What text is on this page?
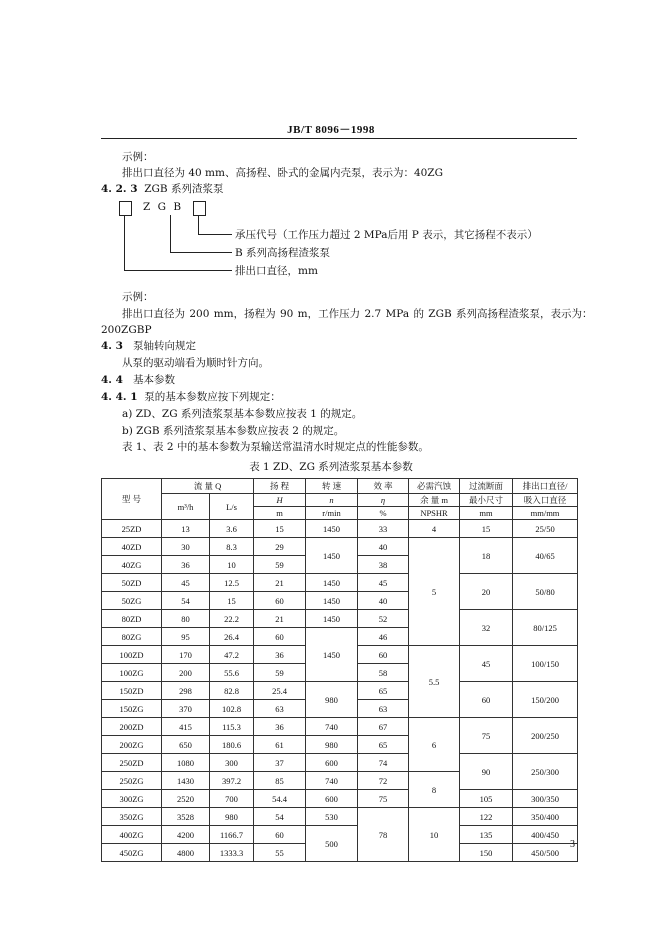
JB/T 8096－1998
示例：
排出口直径为 40 mm、高扬程、卧式的金属内壳泵，表示为：40ZG
4. 2. 3 ZGB 系列渣浆泵
Z G B
承压代号（工作压力超过 2 MPa后用 P 表示，其它扬程不表示）
B 系列高扬程渣浆泵
排出口直径，mm
示例：
排出口直径为 200 mm，扬程为 90 m，工作压力 2.7 MPa 的 ZGB 系列高扬程渣浆泵，表示为：
200ZGBP
4. 3 泵轴转向规定
从泵的驱动端看为顺时针方向。
4. 4 基本参数
4. 4. 1 泵的基本参数应按下列规定：
a) ZD、ZG 系列渣浆泵基本参数应按表 1 的规定。
b) ZGB 系列渣浆泵基本参数应按表 2 的规定。
表 1、表 2 中的基本参数为泵输送常温清水时规定点的性能参数。
表 1 ZD、ZG 系列渣浆泵基本参数
型 号	流 量 Q		扬 程	转 速	效 率	必需汽蚀	过流断面	排出口直径/
	m³/h	L/s	H	n	η	余 量 m	最小尺寸	吸入口直径
			m	r/min	%	NPSHR	mm	mm/mm
25ZD	13	3.6	15	1450	33	4	15	25/50
40ZD	30	8.3	29	1450	40	5	18	40/65
40ZG	36	10	59		38			
50ZD	45	12.5	21	1450	45		20	50/80
50ZG	54	15	60	1450	40			
80ZD	80	22.2	21	1450	52		32	80/125
80ZG	95	26.4	60	1450	46			
100ZD	170	47.2	36		60	5.5	45	100/150
100ZG	200	55.6	59		58			
150ZD	298	82.8	25.4	980	65		60	150/200
150ZG	370	102.8	63		63			
200ZD	415	115.3	36	740	67	6	75	200/250
200ZG	650	180.6	61	980	65			
250ZD	1080	300	37	600	74		90	250/300
250ZG	1430	397.2	85	740	72	8		
300ZG	2520	700	54.4	600	75		105	300/350
350ZG	3528	980	54	530	78	10	122	350/400
400ZG	4200	1166.7	60	500			135	400/450
450ZG	4800	1333.3	55				150	450/500
3
